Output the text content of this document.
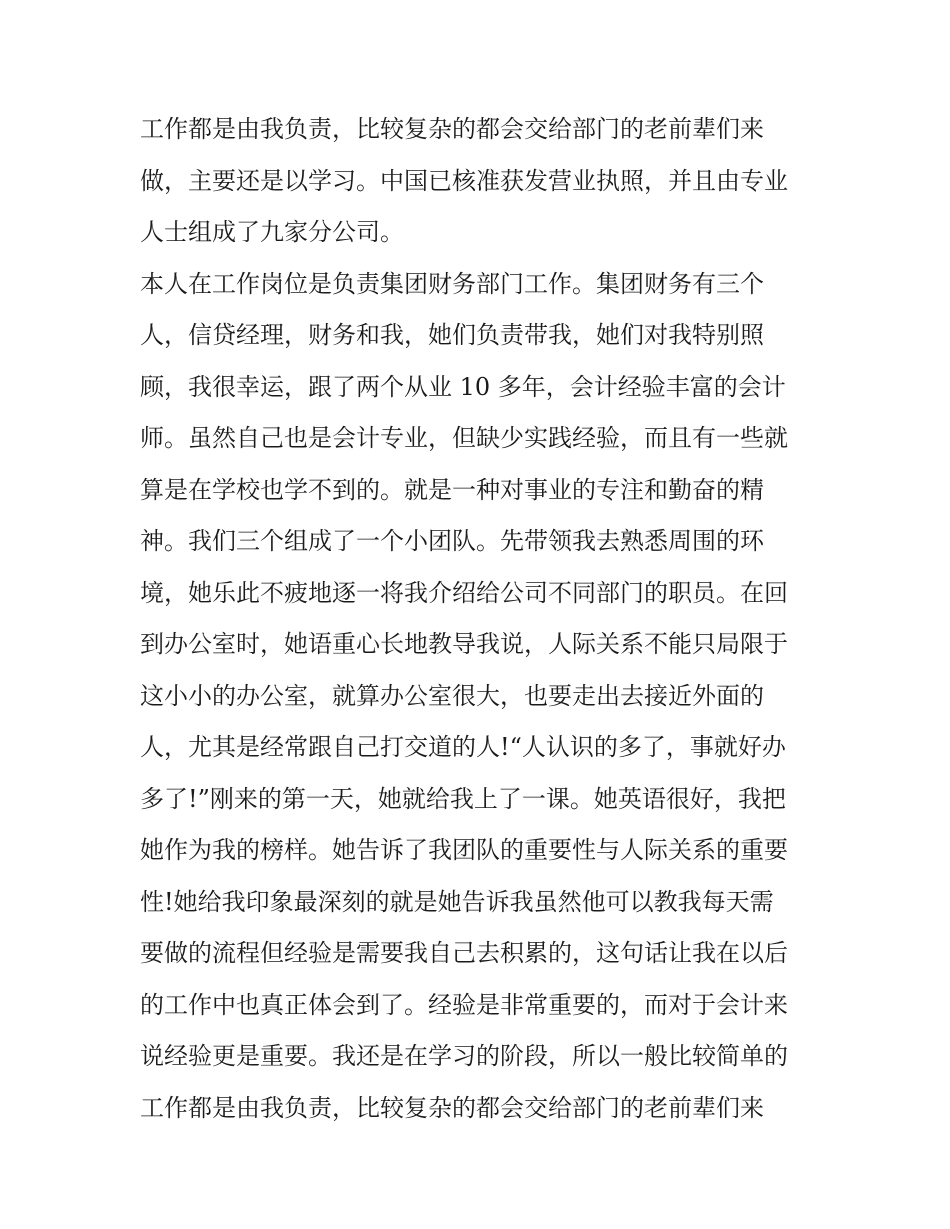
工作都是由我负责，比较复杂的都会交给部门的老前辈们来
做，主要还是以学习。中国已核准获发营业执照，并且由专业
人士组成了九家分公司。
本人在工作岗位是负责集团财务部门工作。集团财务有三个
人，信贷经理，财务和我，她们负责带我，她们对我特别照
顾，我很幸运，跟了两个从业 10 多年，会计经验丰富的会计
师。虽然自己也是会计专业，但缺少实践经验，而且有一些就
算是在学校也学不到的。就是一种对事业的专注和勤奋的精
神。我们三个组成了一个小团队。先带领我去熟悉周围的环
境，她乐此不疲地逐一将我介绍给公司不同部门的职员。在回
到办公室时，她语重心长地教导我说，人际关系不能只局限于
这小小的办公室，就算办公室很大，也要走出去接近外面的
人，尤其是经常跟自己打交道的人!“人认识的多了，事就好办
多了!”刚来的第一天，她就给我上了一课。她英语很好，我把
她作为我的榜样。她告诉了我团队的重要性与人际关系的重要
性!她给我印象最深刻的就是她告诉我虽然他可以教我每天需
要做的流程但经验是需要我自己去积累的，这句话让我在以后
的工作中也真正体会到了。经验是非常重要的，而对于会计来
说经验更是重要。我还是在学习的阶段，所以一般比较简单的
工作都是由我负责，比较复杂的都会交给部门的老前辈们来
